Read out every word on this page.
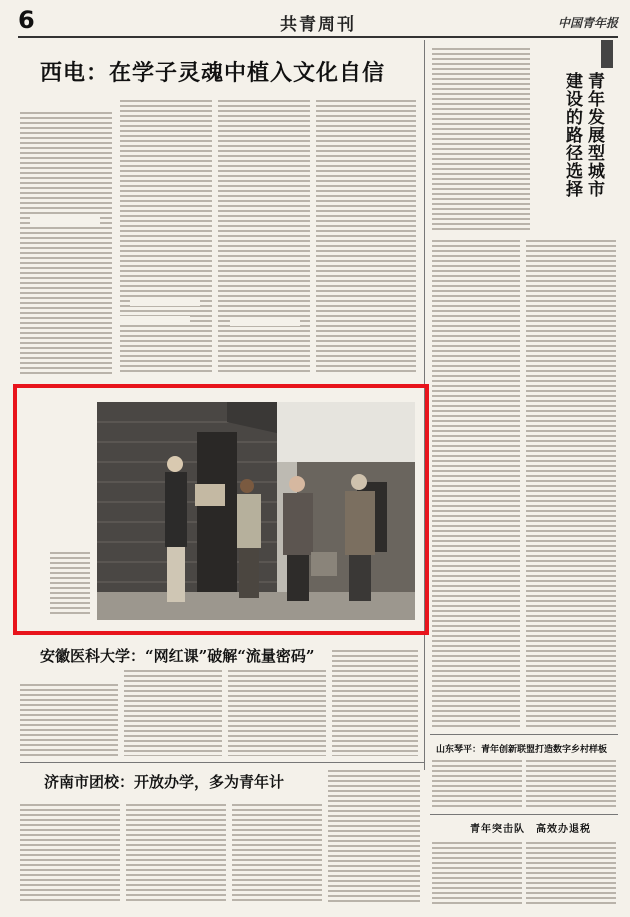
6	共青周刊	中国青年报
西电：在学子灵魂中植入文化自信	青年发展型城市
建设的路径选择
安徽医科大学：“网红课”破解“流量密码”
济南市团校：开放办学，多为青年计
山东琴平：青年创新联盟打造数字乡村样板
青年突击队　高效办退税
